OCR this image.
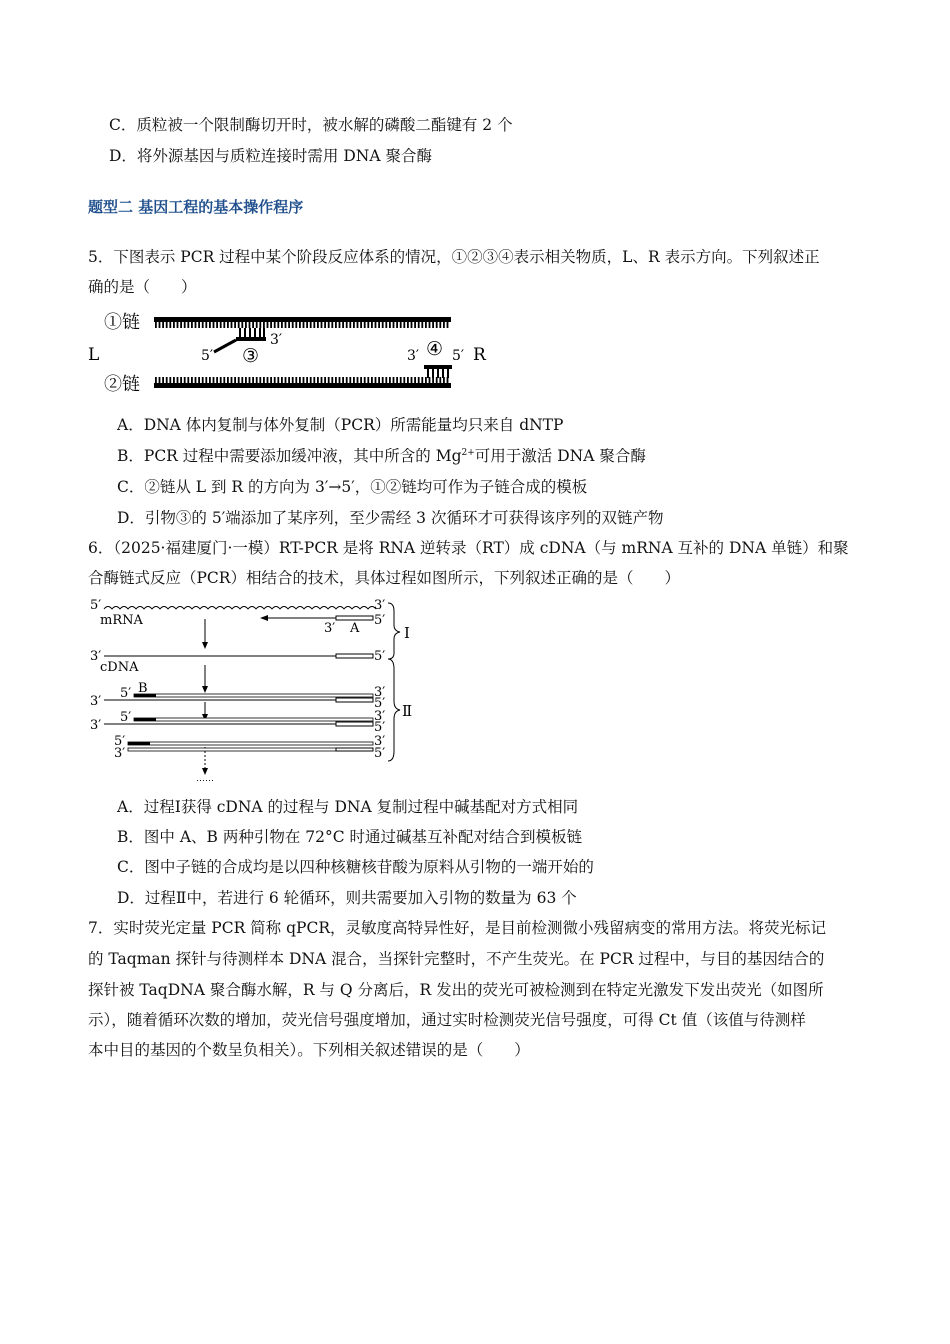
C．质粒被一个限制酶切开时，被水解的磷酸二酯键有 2 个
D．将外源基因与质粒连接时需用 DNA 聚合酶
题型二 基因工程的基本操作程序
5．下图表示 PCR 过程中某个阶段反应体系的情况，①②③④表示相关物质，L、R 表示方向。下列叙述正
确的是（　　）
①链
②链
L	R
5′
3′
③	3′ ④ 5′
A．DNA 体内复制与体外复制（PCR）所需能量均只来自 dNTP
B．PCR 过程中需要添加缓冲液，其中所含的 $Mg^{2+}$可用于激活 DNA 聚合酶
C．②链从 L 到 R 的方向为 3′→5′，①②链均可作为子链合成的模板
D．引物③的 5′端添加了某序列，至少需经 3 次循环才可获得该序列的双链产物
6．（2025·福建厦门·一模）RT-PCR 是将 RNA 逆转录（RT）成 cDNA（与 mRNA 互补的 DNA 单链）和聚
合酶链式反应（PCR）相结合的技术，具体过程如图所示，下列叙述正确的是（　　）
⋯⋯
5′
mRNA
3′
5′
3′ A
3′
cDNA
5′
5′ B
3′
3′
5′
5′
3′
3′
5′
5′
3′
3′
5′
Ⅰ
Ⅱ
A．过程Ⅰ获得 cDNA 的过程与 DNA 复制过程中碱基配对方式相同
B．图中 A、B 两种引物在 72°C 时通过碱基互补配对结合到模板链
C．图中子链的合成均是以四种核糖核苷酸为原料从引物的一端开始的
D．过程Ⅱ中，若进行 6 轮循环，则共需要加入引物的数量为 63 个
7．实时荧光定量 PCR 简称 qPCR，灵敏度高特异性好，是目前检测微小残留病变的常用方法。将荧光标记
的 Taqman 探针与待测样本 DNA 混合，当探针完整时，不产生荧光。在 PCR 过程中，与目的基因结合的
探针被 TaqDNA 聚合酶水解，R 与 Q 分离后，R 发出的荧光可被检测到在特定光激发下发出荧光（如图所
示），随着循环次数的增加，荧光信号强度增加，通过实时检测荧光信号强度，可得 Ct 值（该值与待测样
本中目的基因的个数呈负相关）。下列相关叙述错误的是（　　）
